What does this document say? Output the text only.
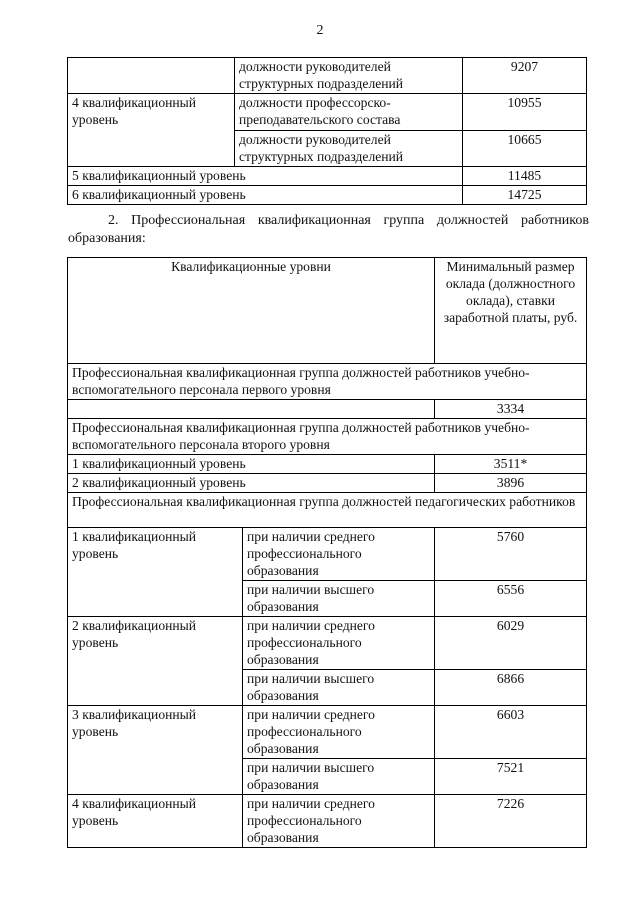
2
	должности руководителей структурных подразделений	9207
4 квалификационный уровень	должности профессорско-преподавательского состава	10955
	должности руководителей структурных подразделений	10665
5 квалификационный уровень		11485
6 квалификационный уровень		14725
2. Профессиональная квалификационная группа должностей работников образования:
Квалификационные уровни		Минимальный размер оклада (должностного оклада), ставки заработной платы, руб.
Профессиональная квалификационная группа должностей работников учебно-вспомогательного персонала первого уровня		
		3334
Профессиональная квалификационная группа должностей работников учебно-вспомогательного персонала второго уровня		
1 квалификационный уровень		3511*
2 квалификационный уровень		3896
Профессиональная квалификационная группа должностей педагогических работников		
1 квалификационный уровень	при наличии среднего профессионального образования	5760
	при наличии высшего образования	6556
2 квалификационный уровень	при наличии среднего профессионального образования	6029
	при наличии высшего образования	6866
3 квалификационный уровень	при наличии среднего профессионального образования	6603
	при наличии высшего образования	7521
4 квалификационный уровень	при наличии среднего профессионального образования	7226
